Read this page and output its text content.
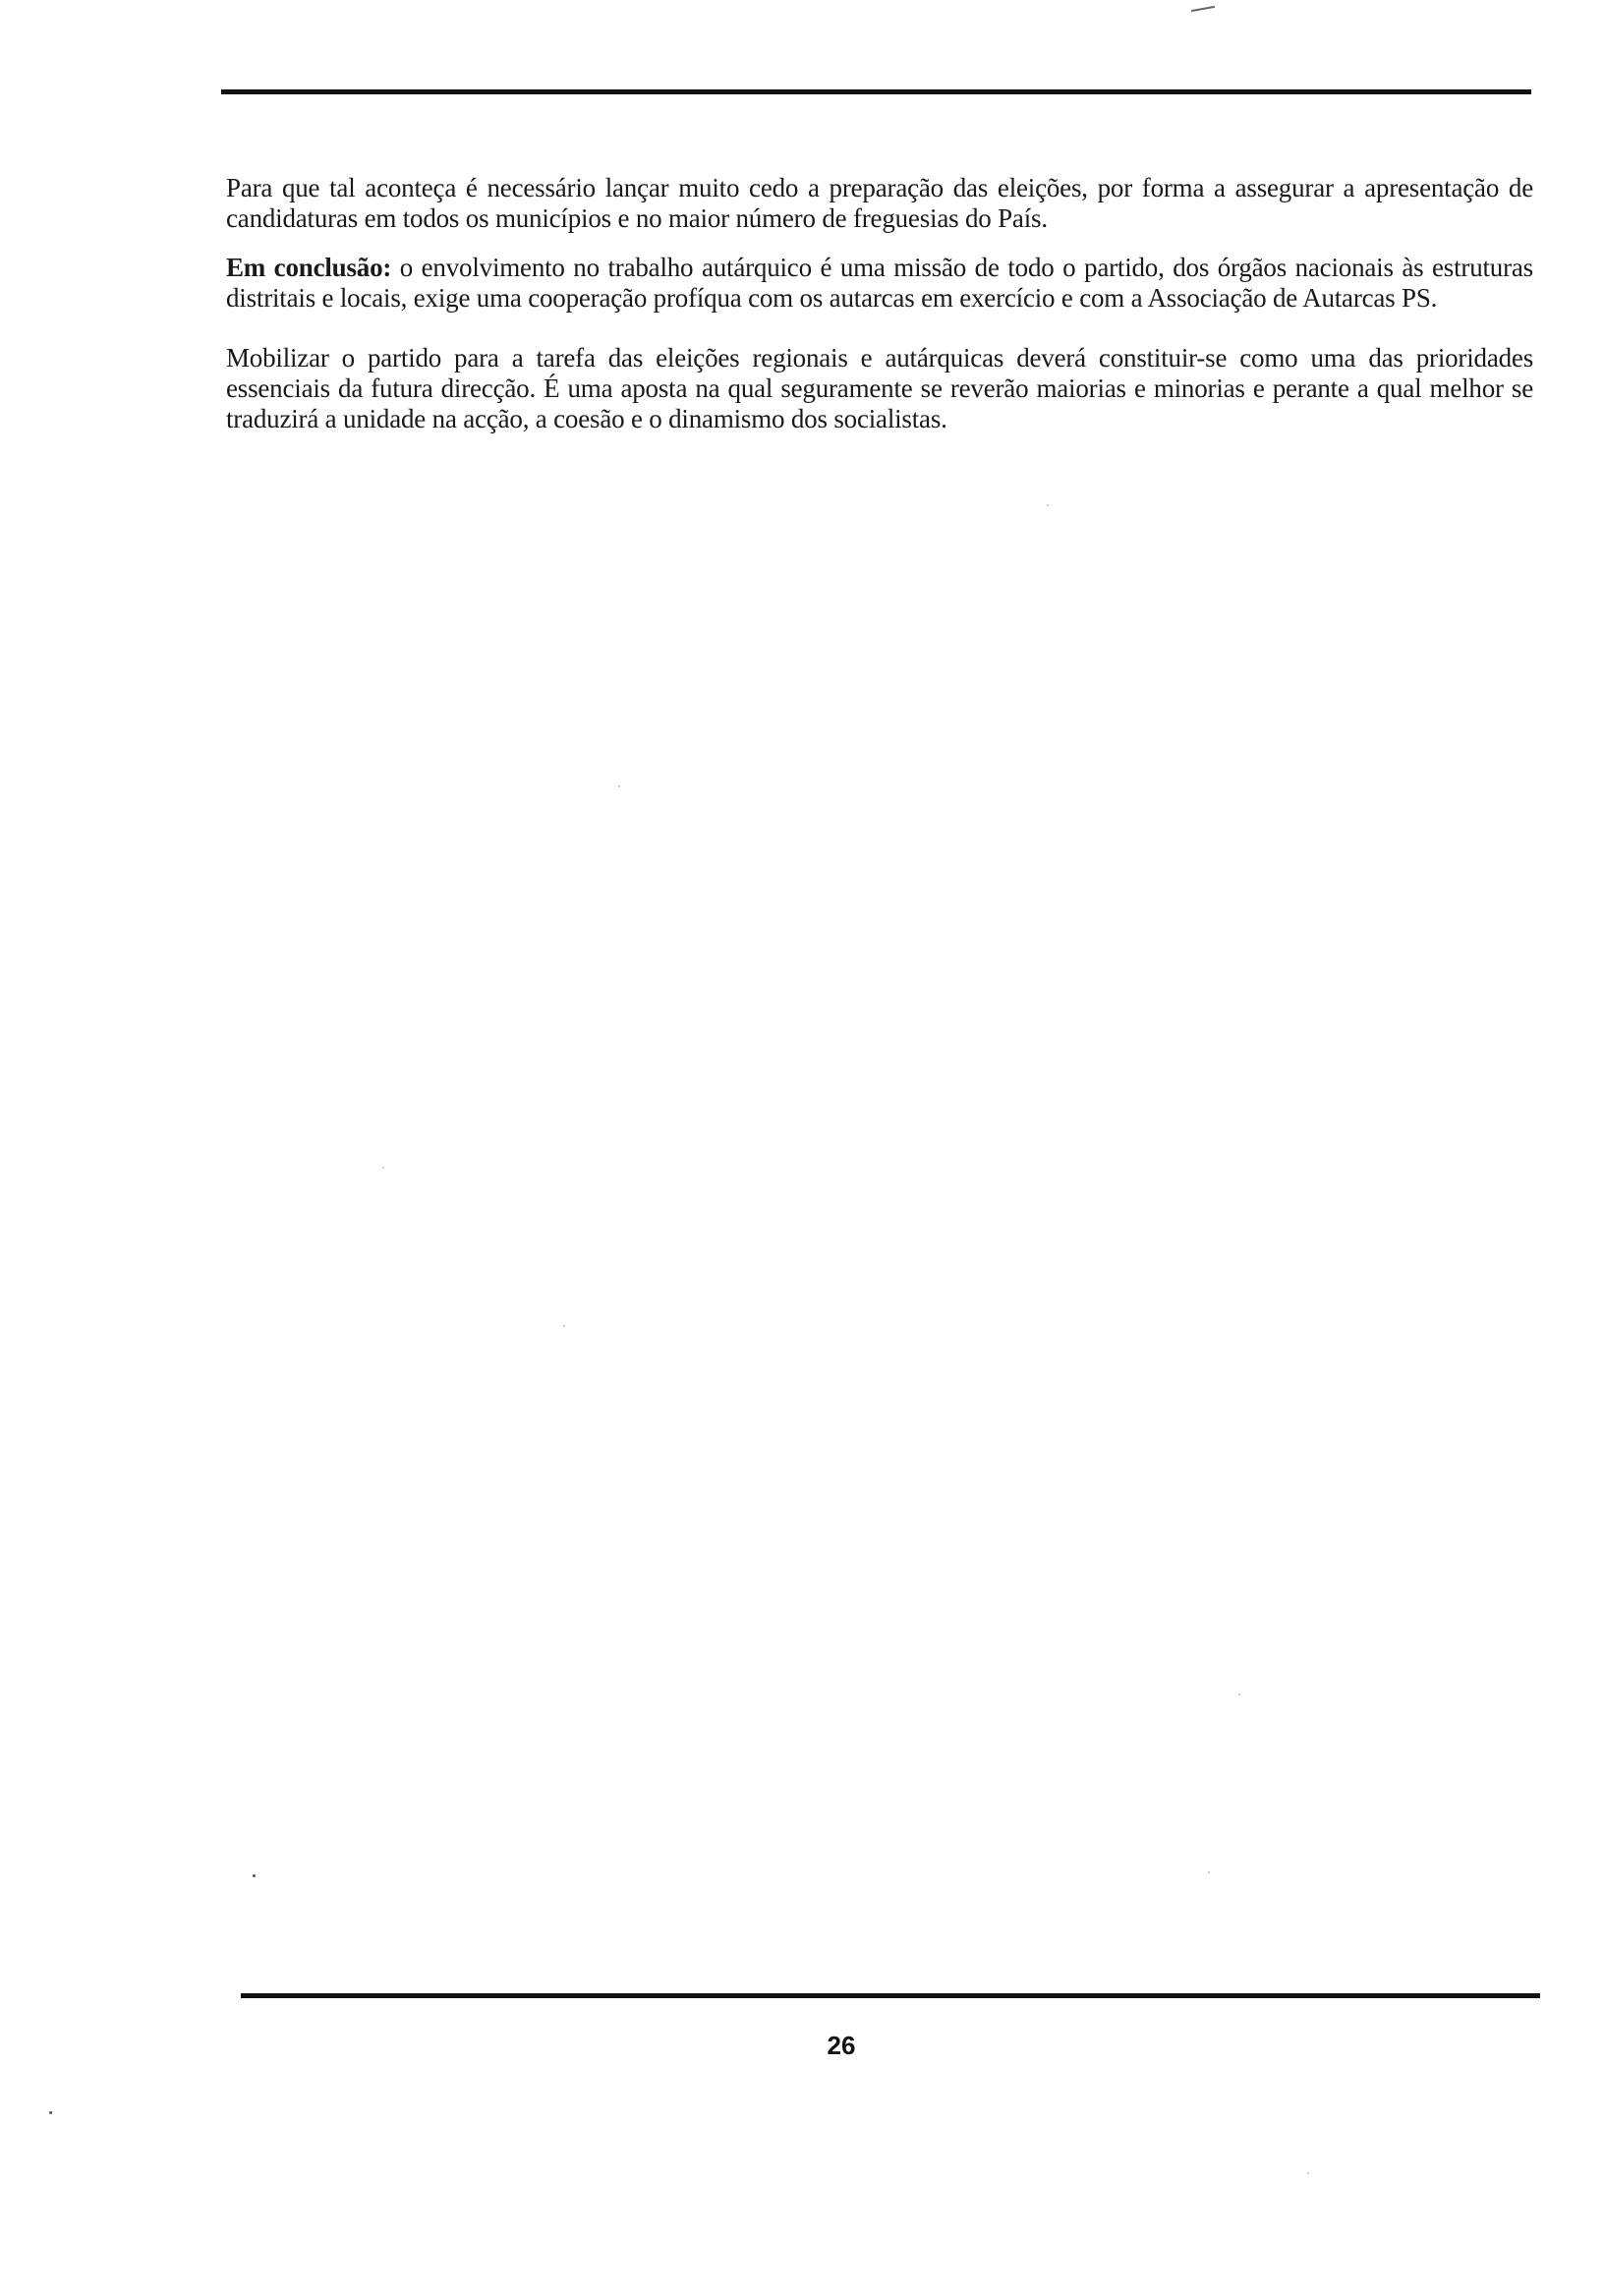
Para que tal aconteça é necessário lançar muito cedo a preparação das eleições, por forma a assegurar a apresentação de candidaturas em todos os municípios e no maior número de freguesias do País.

Em conclusão: o envolvimento no trabalho autárquico é uma missão de todo o partido, dos órgãos nacionais às estruturas distritais e locais, exige uma cooperação profíqua com os autarcas em exercício e com a Associação de Autarcas PS.

Mobilizar o partido para a tarefa das eleições regionais e autárquicas deverá constituir-se como uma das prioridades essenciais da futura direcção. É uma aposta na qual seguramente se reverão maiorias e minorias e perante a qual melhor se traduzirá a unidade na acção, a coesão e o dinamismo dos socialistas.

26
